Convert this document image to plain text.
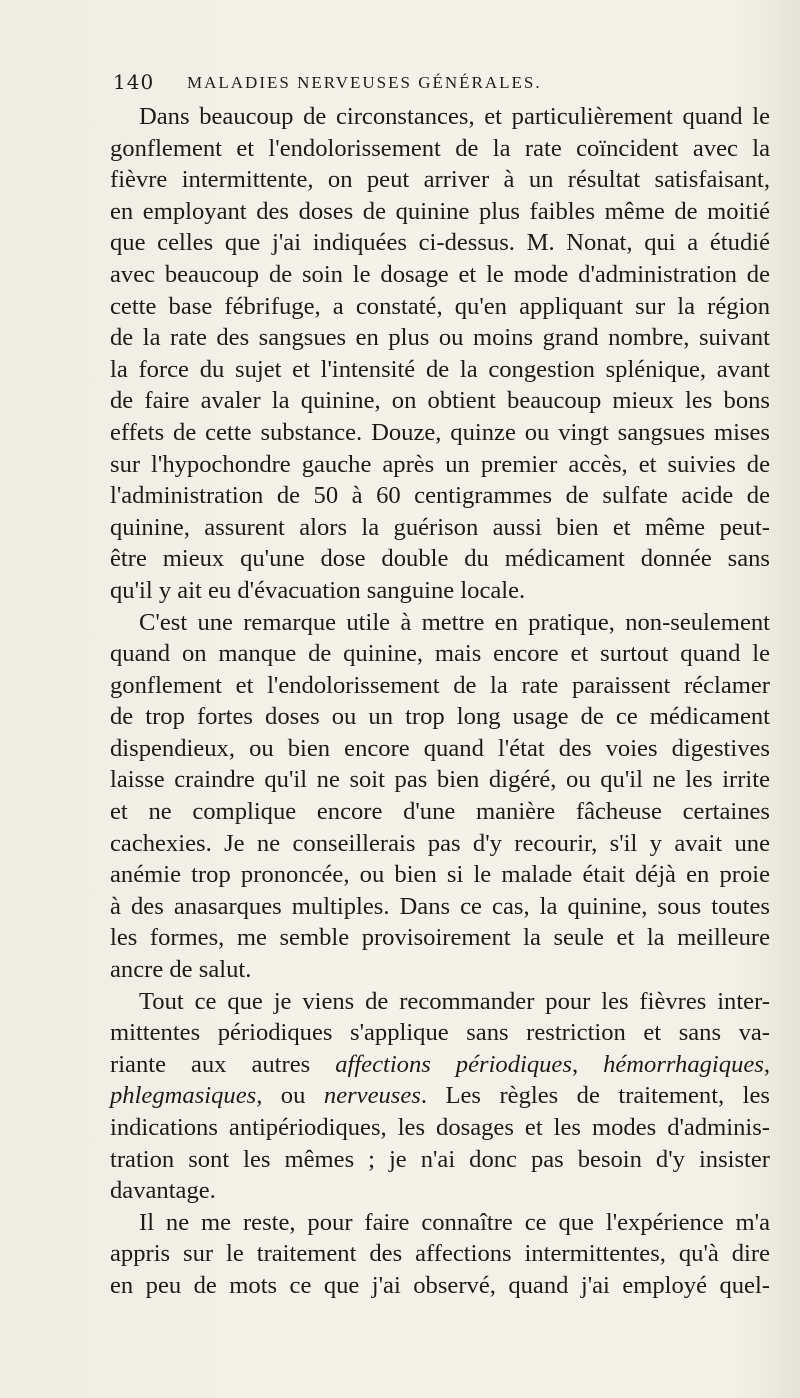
140 MALADIES NERVEUSES GÉNÉRALES.

Dans beaucoup de circonstances, et particulièrement quand le
gonflement et l'endolorissement de la rate coïncident avec la
fièvre intermittente, on peut arriver à un résultat satisfaisant,
en employant des doses de quinine plus faibles même de moitié
que celles que j'ai indiquées ci-dessus. M. Nonat, qui a étudié
avec beaucoup de soin le dosage et le mode d'administration de
cette base fébrifuge, a constaté, qu'en appliquant sur la région
de la rate des sangsues en plus ou moins grand nombre, suivant
la force du sujet et l'intensité de la congestion splénique, avant
de faire avaler la quinine, on obtient beaucoup mieux les bons
effets de cette substance. Douze, quinze ou vingt sangsues mises
sur l'hypochondre gauche après un premier accès, et suivies de
l'administration de 50 à 60 centigrammes de sulfate acide de
quinine, assurent alors la guérison aussi bien et même peut-
être mieux qu'une dose double du médicament donnée sans
qu'il y ait eu d'évacuation sanguine locale.

C'est une remarque utile à mettre en pratique, non-seulement
quand on manque de quinine, mais encore et surtout quand le
gonflement et l'endolorissement de la rate paraissent réclamer
de trop fortes doses ou un trop long usage de ce médicament
dispendieux, ou bien encore quand l'état des voies digestives
laisse craindre qu'il ne soit pas bien digéré, ou qu'il ne les irrite
et ne complique encore d'une manière fâcheuse certaines
cachexies. Je ne conseillerais pas d'y recourir, s'il y avait une
anémie trop prononcée, ou bien si le malade était déjà en proie
à des anasarques multiples. Dans ce cas, la quinine, sous toutes
les formes, me semble provisoirement la seule et la meilleure
ancre de salut.

Tout ce que je viens de recommander pour les fièvres inter-
mittentes périodiques s'applique sans restriction et sans va-
riante aux autres affections périodiques, hémorrhagiques,
phlegmasiques, ou nerveuses. Les règles de traitement, les
indications antipériodiques, les dosages et les modes d'adminis-
tration sont les mêmes ; je n'ai donc pas besoin d'y insister
davantage.

Il ne me reste, pour faire connaître ce que l'expérience m'a
appris sur le traitement des affections intermittentes, qu'à dire
en peu de mots ce que j'ai observé, quand j'ai employé quel-
